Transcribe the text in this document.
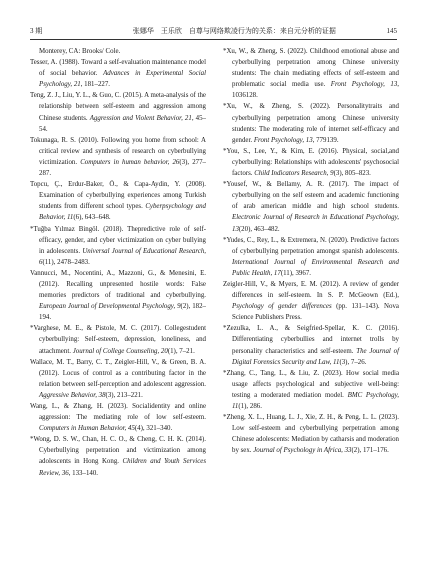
3 期	张娜华　王乐欣　自尊与网络欺凌行为的关系：来自元分析的证据	145
Monterey, CA: Brooks/ Cole.
Tesser, A. (1988). Toward a self-evaluation maintenance model of social behavior. Advances in Experimental Social Psychology, 21, 181–227.
Teng, Z. J., Liu, Y. L., & Guo, C. (2015). A meta-analysis of the relationship between self-esteem and aggression among Chinese students. Aggression and Violent Behavior, 21, 45–54.
Tokunaga, R. S. (2010). Following you home from school: A critical review and synthesis of research on cyberbullying victimization. Computers in human behavior, 26(3), 277–287.
Topcu, Ç., Erdur-Baker, Ö., & Capa-Aydin, Y. (2008). Examination of cyberbullying experiences among Turkish students from different school types. Cyberpsychology and Behavior, 11(6), 643–648.
*Tuğba Yılmaz Bingöl. (2018). Thepredictive role of self-efficacy, gender, and cyber victimization on cyber bullying in adolescents. Universal Journal of Educational Research, 6(11), 2478–2483.
Vannucci, M., Nocentini, A., Mazzoni, G., & Menesini, E. (2012). Recalling unpresented hostile words: False memories predictors of traditional and cyberbullying. European Journal of Developmental Psychology, 9(2), 182–194.
*Varghese, M. E., & Pistole, M. C. (2017). Collegestudent cyberbullying: Self-esteem, depression, loneliness, and attachment. Journal of College Counseling, 20(1), 7–21.
Wallace, M. T., Barry, C. T., Zeigler-Hill, V., & Green, B. A. (2012). Locus of control as a contributing factor in the relation between self-perception and adolescent aggression. Aggressive Behavior, 38(3), 213–221.
Wang, L., & Zhang, H. (2023). Socialidentity and online aggression: The mediating role of low self-esteem. Computers in Human Behavior, 45(4), 321–340.
*Wong, D. S. W., Chan, H. C. O., & Cheng, C. H. K. (2014). Cyberbullying perpetration and victimization among adolescents in Hong Kong. Children and Youth Services Review, 36, 133–140.
*Xu, W., & Zheng, S. (2022). Childhood emotional abuse and cyberbullying perpetration among Chinese university students: The chain mediating effects of self-esteem and problematic social media use. Front Psychology, 13, 1036128.
*Xu, W., & Zheng, S. (2022). Personalitytraits and cyberbullying perpetration among Chinese university students: The moderating role of internet self-efficacy and gender. Front Psychology, 13, 779139.
*You, S., Lee, Y., & Kim, E. (2016). Physical, social,and cyberbullying: Relationships with adolescents' psychosocial factors. Child Indicators Research, 9(3), 805–823.
*Yousef, W., & Bellamy, A. R. (2017). The impact of cyberbullying on the self esteem and academic functioning of arab american middle and high school students. Electronic Journal of Research in Educational Psychology, 13(20), 463–482.
*Yudes, C., Rey, L., & Extremera, N. (2020). Predictive factors of cyberbullying perpetration amongst spanish adolescents. International Journal of Environmental Research and Public Health, 17(11), 3967.
Zeigler-Hill, V., & Myers, E. M. (2012). A review of gender differences in self-esteem. In S. P. McGeown (Ed.), Psychology of gender differences (pp. 131–143). Nova Science Publishers Press.
*Zezulka, L. A., & Seigfried-Spellar, K. C. (2016). Differentiating cyberbullies and internet trolls by personality characteristics and self-esteem. The Journal of Digital Forensics Security and Law, 11(3), 7–26.
*Zhang, C., Tang, L., & Liu, Z. (2023). How social media usage affects psychological and subjective well-being: testing a moderated mediation model. BMC Psychology, 11(1), 286.
*Zheng, X. L., Huang, L. J., Xie, Z. H., & Peng, L. L. (2023). Low self-esteem and cyberbullying perpetration among Chinese adolescents: Mediation by catharsis and moderation by sex. Journal of Psychology in Africa, 33(2), 171–176.
